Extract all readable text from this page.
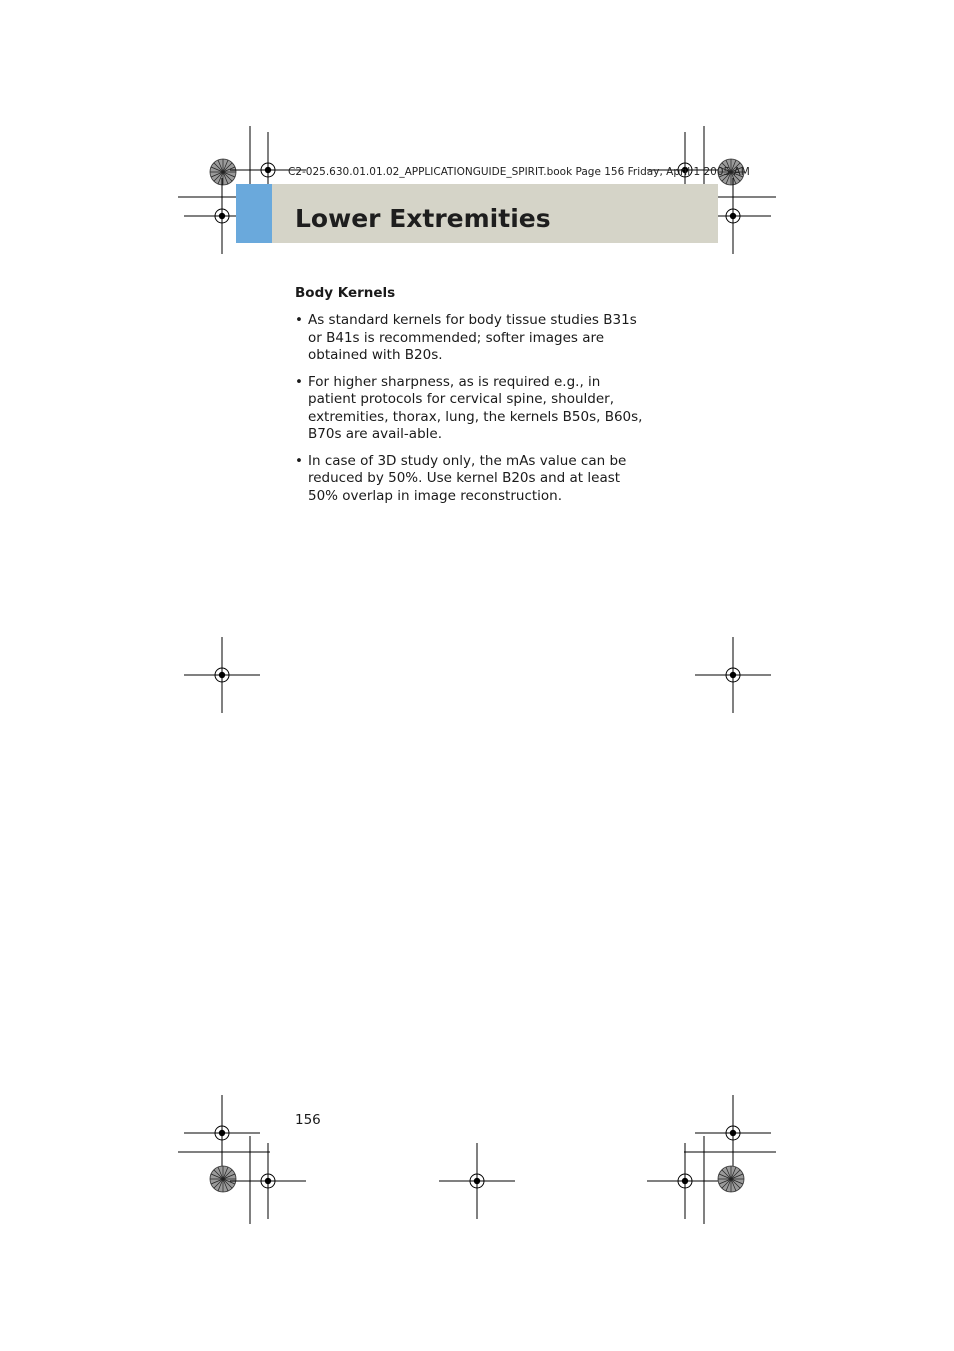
C2-025.630.01.01.02_APPLICATIONGUIDE_SPIRIT.book Page 156 Friday, April 1 2005 AM
Lower Extremities
Body Kernels
• As standard kernels for body tissue studies B31s or B41s is recommended; softer images are obtained with B20s.
• For higher sharpness, as is required e.g., in patient protocols for cervical spine, shoulder, extremities, thorax, lung, the kernels B50s, B60s, B70s are avail-able.
• In case of 3D study only, the mAs value can be reduced by 50%. Use kernel B20s and at least 50% overlap in image reconstruction.
156
